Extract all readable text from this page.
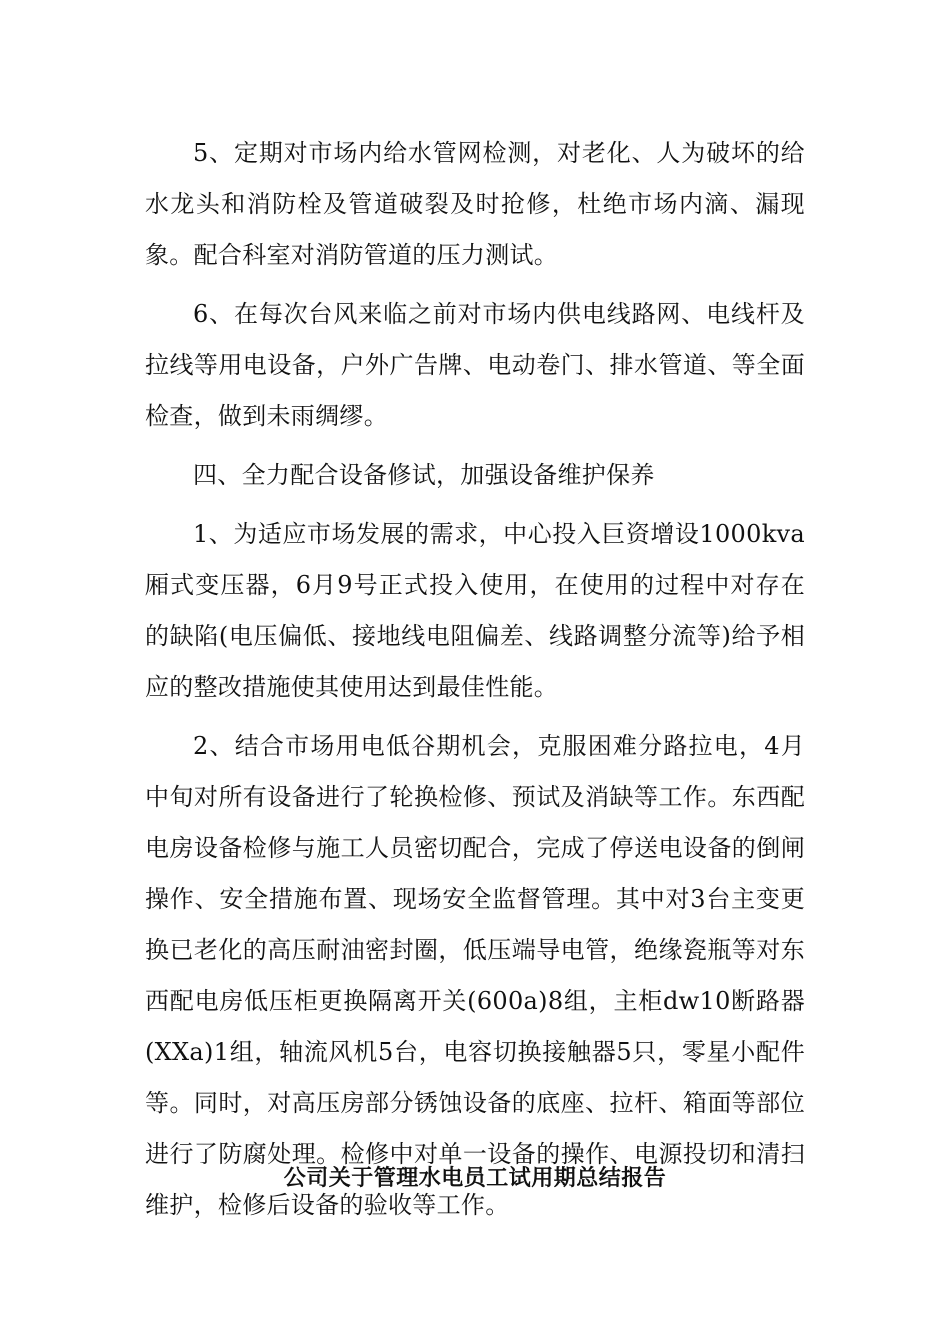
5、定期对市场内给水管网检测，对老化、人为破坏的给水龙头和消防栓及管道破裂及时抢修，杜绝市场内滴、漏现象。配合科室对消防管道的压力测试。

6、在每次台风来临之前对市场内供电线路网、电线杆及拉线等用电设备，户外广告牌、电动卷门、排水管道、等全面检查，做到未雨绸缪。

四、全力配合设备修试，加强设备维护保养

1、为适应市场发展的需求，中心投入巨资增设1000kva厢式变压器，6月9号正式投入使用，在使用的过程中对存在的缺陷(电压偏低、接地线电阻偏差、线路调整分流等)给予相应的整改措施使其使用达到最佳性能。

2、结合市场用电低谷期机会，克服困难分路拉电，4月中旬对所有设备进行了轮换检修、预试及消缺等工作。东西配电房设备检修与施工人员密切配合，完成了停送电设备的倒闸操作、安全措施布置、现场安全监督管理。其中对3台主变更换已老化的高压耐油密封圈，低压端导电管，绝缘瓷瓶等对东西配电房低压柜更换隔离开关(600a)8组，主柜dw10断路器(XXa)1组，轴流风机5台，电容切换接触器5只，零星小配件等。同时，对高压房部分锈蚀设备的底座、拉杆、箱面等部位进行了防腐处理。检修中对单一设备的操作、电源投切和清扫维护，检修后设备的验收等工作。

公司关于管理水电员工试用期总结报告
